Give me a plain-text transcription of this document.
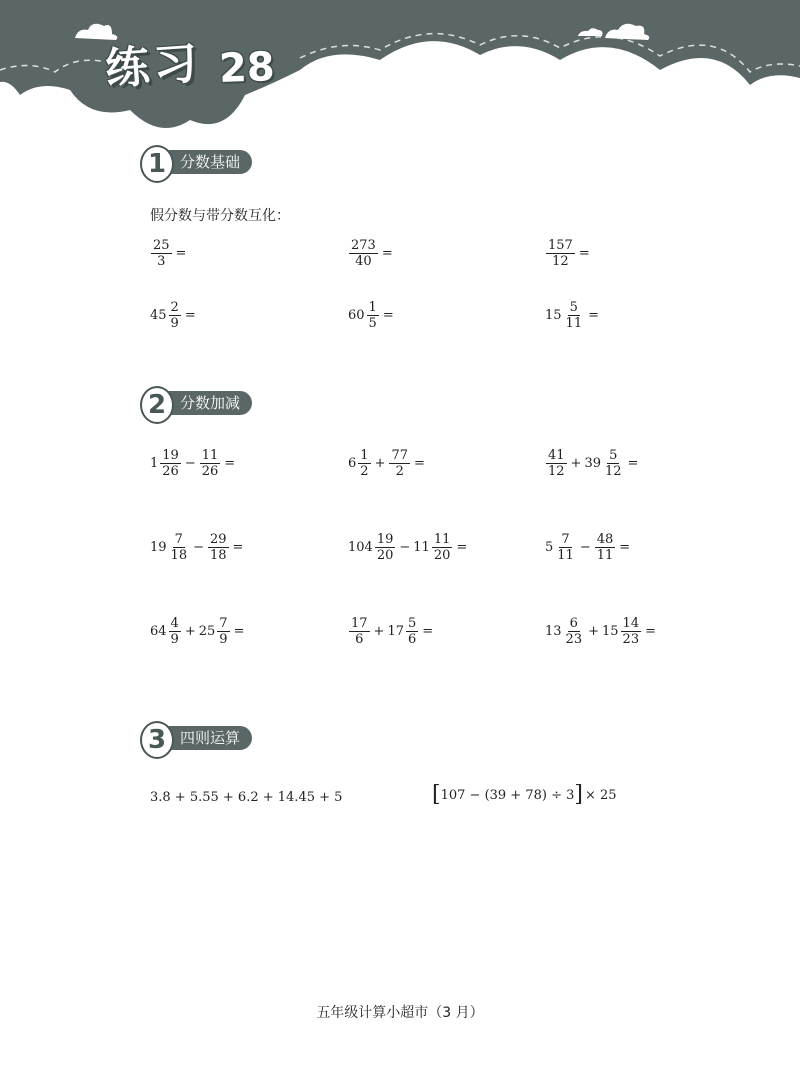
练习 28
1 分数基础
假分数与带分数互化：
$\frac{25}{3}$ =	$\frac{273}{40}$ =	$\frac{157}{12}$ =
$45 \frac{2}{9}$ =	$60 \frac{1}{5}$ =	$15 \frac{5}{11}$ =
2 分数加减
$1 \frac{19}{26} - \frac{11}{26}$ =	$6 \frac{1}{2} + \frac{77}{2}$ =	$\frac{41}{12} + 39 \frac{5}{12}$ =
$19 \frac{7}{18} - \frac{29}{18}$ =	$104 \frac{19}{20} - 11 \frac{11}{20}$ =	$5 \frac{7}{11} - \frac{48}{11}$ =
$64 \frac{4}{9} + 25 \frac{7}{9}$ =	$\frac{17}{6} + 17 \frac{5}{6}$ =	$13 \frac{6}{23} + 15 \frac{14}{23}$ =
3 四则运算
3.8 + 5.55 + 6.2 + 14.45 + 5	[ 107 − (39 + 78) ÷ 3 ] × 25
五年级计算小超市（3 月）
